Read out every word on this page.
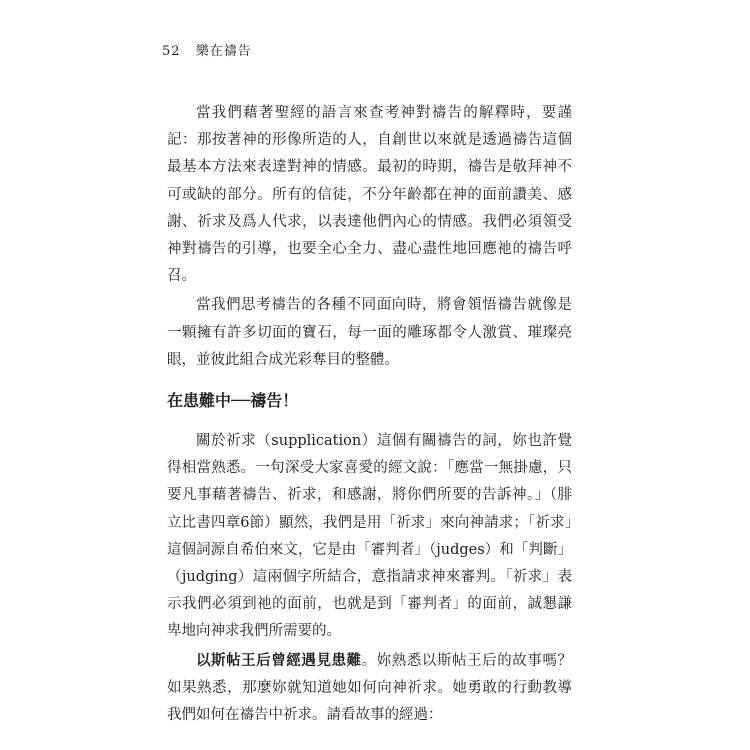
52 樂在禱告

當我們藉著聖經的語言來查考神對禱告的解釋時，要謹記：那按著神的形像所造的人，自創世以來就是透過禱告這個最基本方法來表達對神的情感。最初的時期，禱告是敬拜神不可或缺的部分。所有的信徒，不分年齡都在神的面前讚美、感謝、祈求及爲人代求，以表達他們內心的情感。我們必須領受神對禱告的引導，也要全心全力、盡心盡性地回應祂的禱告呼召。

當我們思考禱告的各種不同面向時，將會領悟禱告就像是一顆擁有許多切面的寶石，每一面的雕琢都令人激賞、璀璨亮眼，並彼此組合成光彩奪目的整體。

在患難中──禱告！

關於祈求（supplication）這個有關禱告的詞，妳也許覺得相當熟悉。一句深受大家喜愛的經文說：「應當一無掛慮，只要凡事藉著禱告、祈求，和感謝，將你們所要的告訴神。」（腓立比書四章6節）顯然，我們是用「祈求」來向神請求；「祈求」這個詞源自希伯來文，它是由「審判者」（judges）和「判斷」（judging）這兩個字所結合，意指請求神來審判。「祈求」表示我們必須到祂的面前，也就是到「審判者」的面前，誠懇謙卑地向神求我們所需要的。

以斯帖王后曾經遇見患難。妳熟悉以斯帖王后的故事嗎？如果熟悉，那麼妳就知道她如何向神祈求。她勇敢的行動教導我們如何在禱告中祈求。請看故事的經過：
